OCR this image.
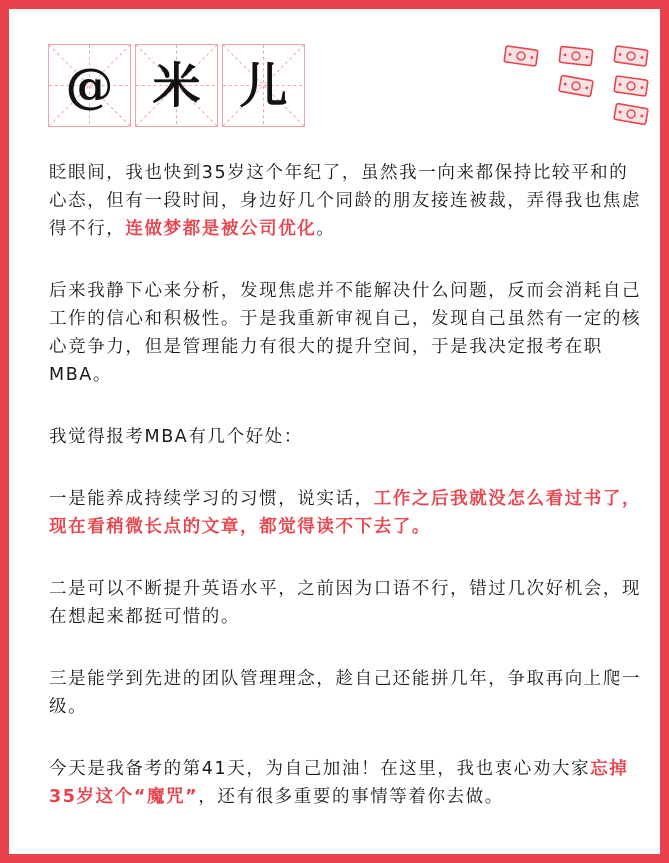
@ 米 儿

眨眼间，我也快到35岁这个年纪了，虽然我一向来都保持比较平和的心态，但有一段时间，身边好几个同龄的朋友接连被裁，弄得我也焦虑得不行，连做梦都是被公司优化。

后来我静下心来分析，发现焦虑并不能解决什么问题，反而会消耗自己工作的信心和积极性。于是我重新审视自己，发现自己虽然有一定的核心竞争力，但是管理能力有很大的提升空间，于是我决定报考在职MBA。

我觉得报考MBA有几个好处：

一是能养成持续学习的习惯，说实话，工作之后我就没怎么看过书了，现在看稍微长点的文章，都觉得读不下去了。

二是可以不断提升英语水平，之前因为口语不行，错过几次好机会，现在想起来都挺可惜的。

三是能学到先进的团队管理理念，趁自己还能拼几年，争取再向上爬一级。

今天是我备考的第41天，为自己加油！在这里，我也衷心劝大家忘掉35岁这个“魔咒”，还有很多重要的事情等着你去做。
